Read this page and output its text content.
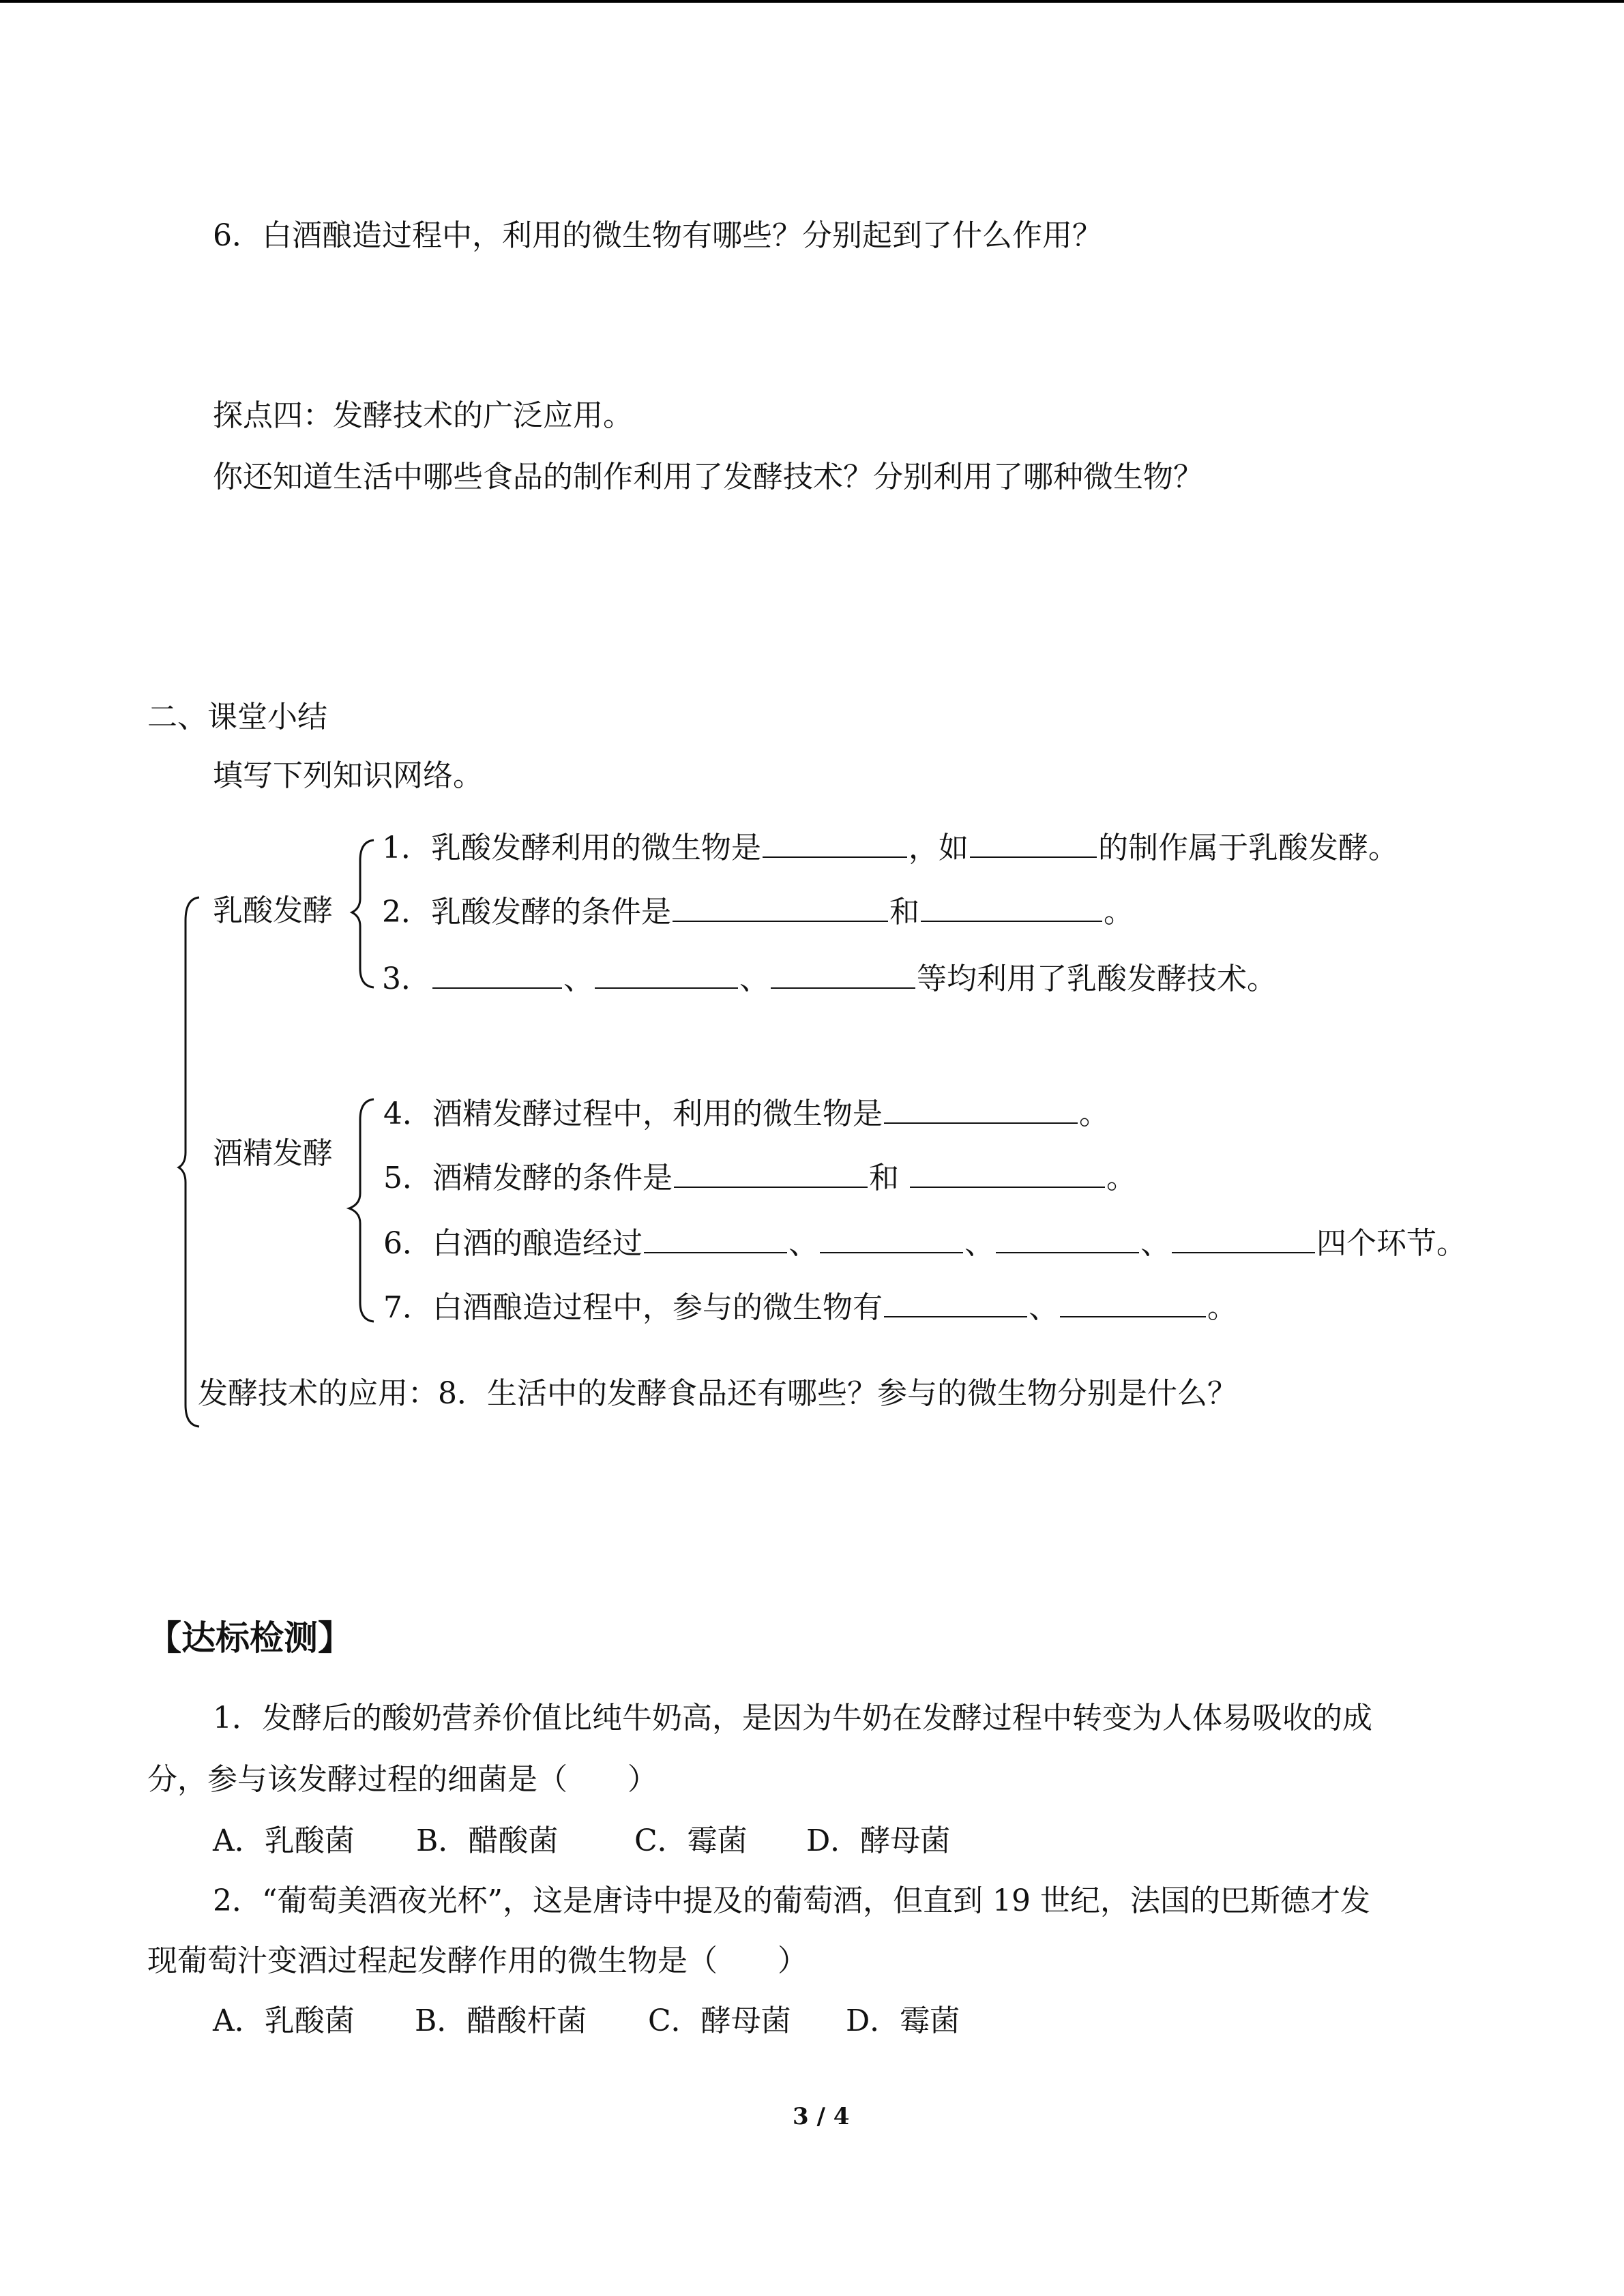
6．白酒酿造过程中，利用的微生物有哪些？分别起到了什么作用？
探点四：发酵技术的广泛应用。
你还知道生活中哪些食品的制作利用了发酵技术？分别利用了哪种微生物？
二、课堂小结
填写下列知识网络。
乳酸发酵
1．乳酸发酵利用的微生物是	，如	的制作属于乳酸发酵。
2．乳酸发酵的条件是	和	。
3．	、	、	等均利用了乳酸发酵技术。
酒精发酵
4．酒精发酵过程中，利用的微生物是	。
5．酒精发酵的条件是	和	。
6．白酒的酿造经过	、	、	、	四个环节。
7．白酒酿造过程中，参与的微生物有	、	。
发酵技术的应用：8．生活中的发酵食品还有哪些？参与的微生物分别是什么？
【达标检测】
1．发酵后的酸奶营养价值比纯牛奶高，是因为牛奶在发酵过程中转变为人体易吸收的成
分，参与该发酵过程的细菌是（　　）
A．乳酸菌 B．醋酸菌	C．霉菌 D．酵母菌
2．“葡萄美酒夜光杯”，这是唐诗中提及的葡萄酒，但直到 19 世纪，法国的巴斯德才发
现葡萄汁变酒过程起发酵作用的微生物是（　　）
A．乳酸菌 B．醋酸杆菌 C．酵母菌 D．霉菌
3 / 4
